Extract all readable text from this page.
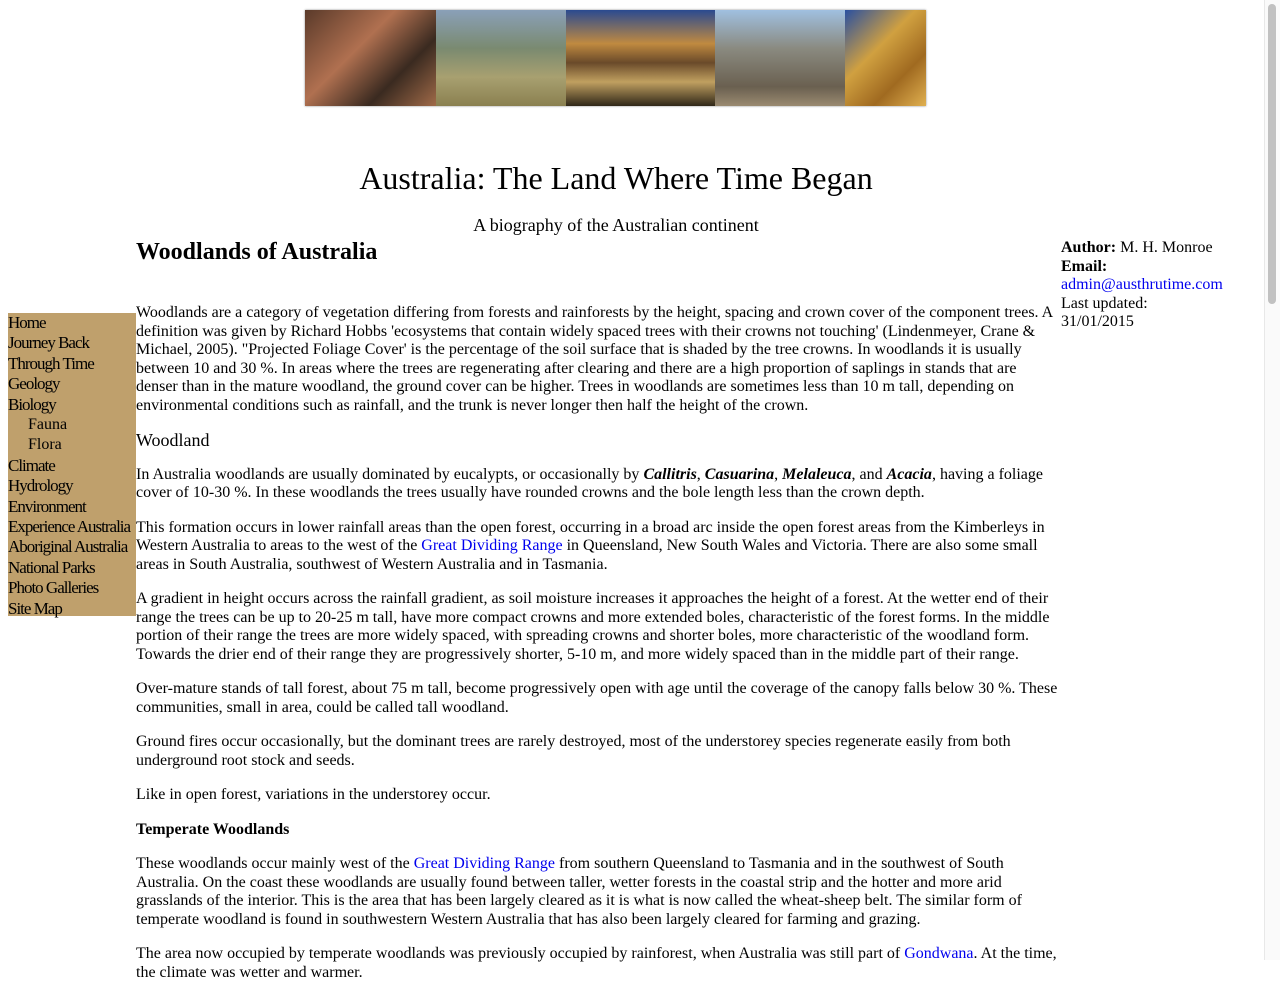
Australia: The Land Where Time Began
A biography of the Australian continent
Home
Journey Back
Through Time
Geology
Biology
Fauna
Flora
Climate
Hydrology
Environment
Experience Australia
Aboriginal Australia
National Parks
Photo Galleries
Site Map
Woodlands of Australia

Woodlands are a category of vegetation differing from forests and rainforests by the height, spacing and crown cover of the component trees. A definition was given by Richard Hobbs 'ecosystems that contain widely spaced trees with their crowns not touching' (Lindenmeyer, Crane & Michael, 2005). "Projected Foliage Cover' is the percentage of the soil surface that is shaded by the tree crowns. In woodlands it is usually between 10 and 30 %. In areas where the trees are regenerating after clearing and there are a high proportion of saplings in stands that are denser than in the mature woodland, the ground cover can be higher. Trees in woodlands are sometimes less than 10 m tall, depending on environmental conditions such as rainfall, and the trunk is never longer then half the height of the crown.

Woodland

In Australia woodlands are usually dominated by eucalypts, or occasionally by Callitris, Casuarina, Melaleuca, and Acacia, having a foliage cover of 10-30 %. In these woodlands the trees usually have rounded crowns and the bole length less than the crown depth.

This formation occurs in lower rainfall areas than the open forest, occurring in a broad arc inside the open forest areas from the Kimberleys in Western Australia to areas to the west of the Great Dividing Range in Queensland, New South Wales and Victoria. There are also some small areas in South Australia, southwest of Western Australia and in Tasmania.

A gradient in height occurs across the rainfall gradient, as soil moisture increases it approaches the height of a forest. At the wetter end of their range the trees can be up to 20-25 m tall, have more compact crowns and more extended boles, characteristic of the forest forms. In the middle portion of their range the trees are more widely spaced, with spreading crowns and shorter boles, more characteristic of the woodland form. Towards the drier end of their range they are progressively shorter, 5-10 m, and more widely spaced than in the middle part of their range.

Over-mature stands of tall forest, about 75 m tall, become progressively open with age until the coverage of the canopy falls below 30 %. These communities, small in area, could be called tall woodland.

Ground fires occur occasionally, but the dominant trees are rarely destroyed, most of the understorey species regenerate easily from both underground root stock and seeds.

Like in open forest, variations in the understorey occur.

Temperate Woodlands

These woodlands occur mainly west of the Great Dividing Range from southern Queensland to Tasmania and in the southwest of South Australia. On the coast these woodlands are usually found between taller, wetter forests in the coastal strip and the hotter and more arid grasslands of the interior. This is the area that has been largely cleared as it is what is now called the wheat-sheep belt. The similar form of temperate woodland is found in southwestern Western Australia that has also been largely cleared for farming and grazing.

The area now occupied by temperate woodlands was previously occupied by rainforest, when Australia was still part of Gondwana. At the time, the climate was wetter and warmer.

Author: M. H. Monroe
Email:
admin@austhrutime.com
Last updated:
31/01/2015
